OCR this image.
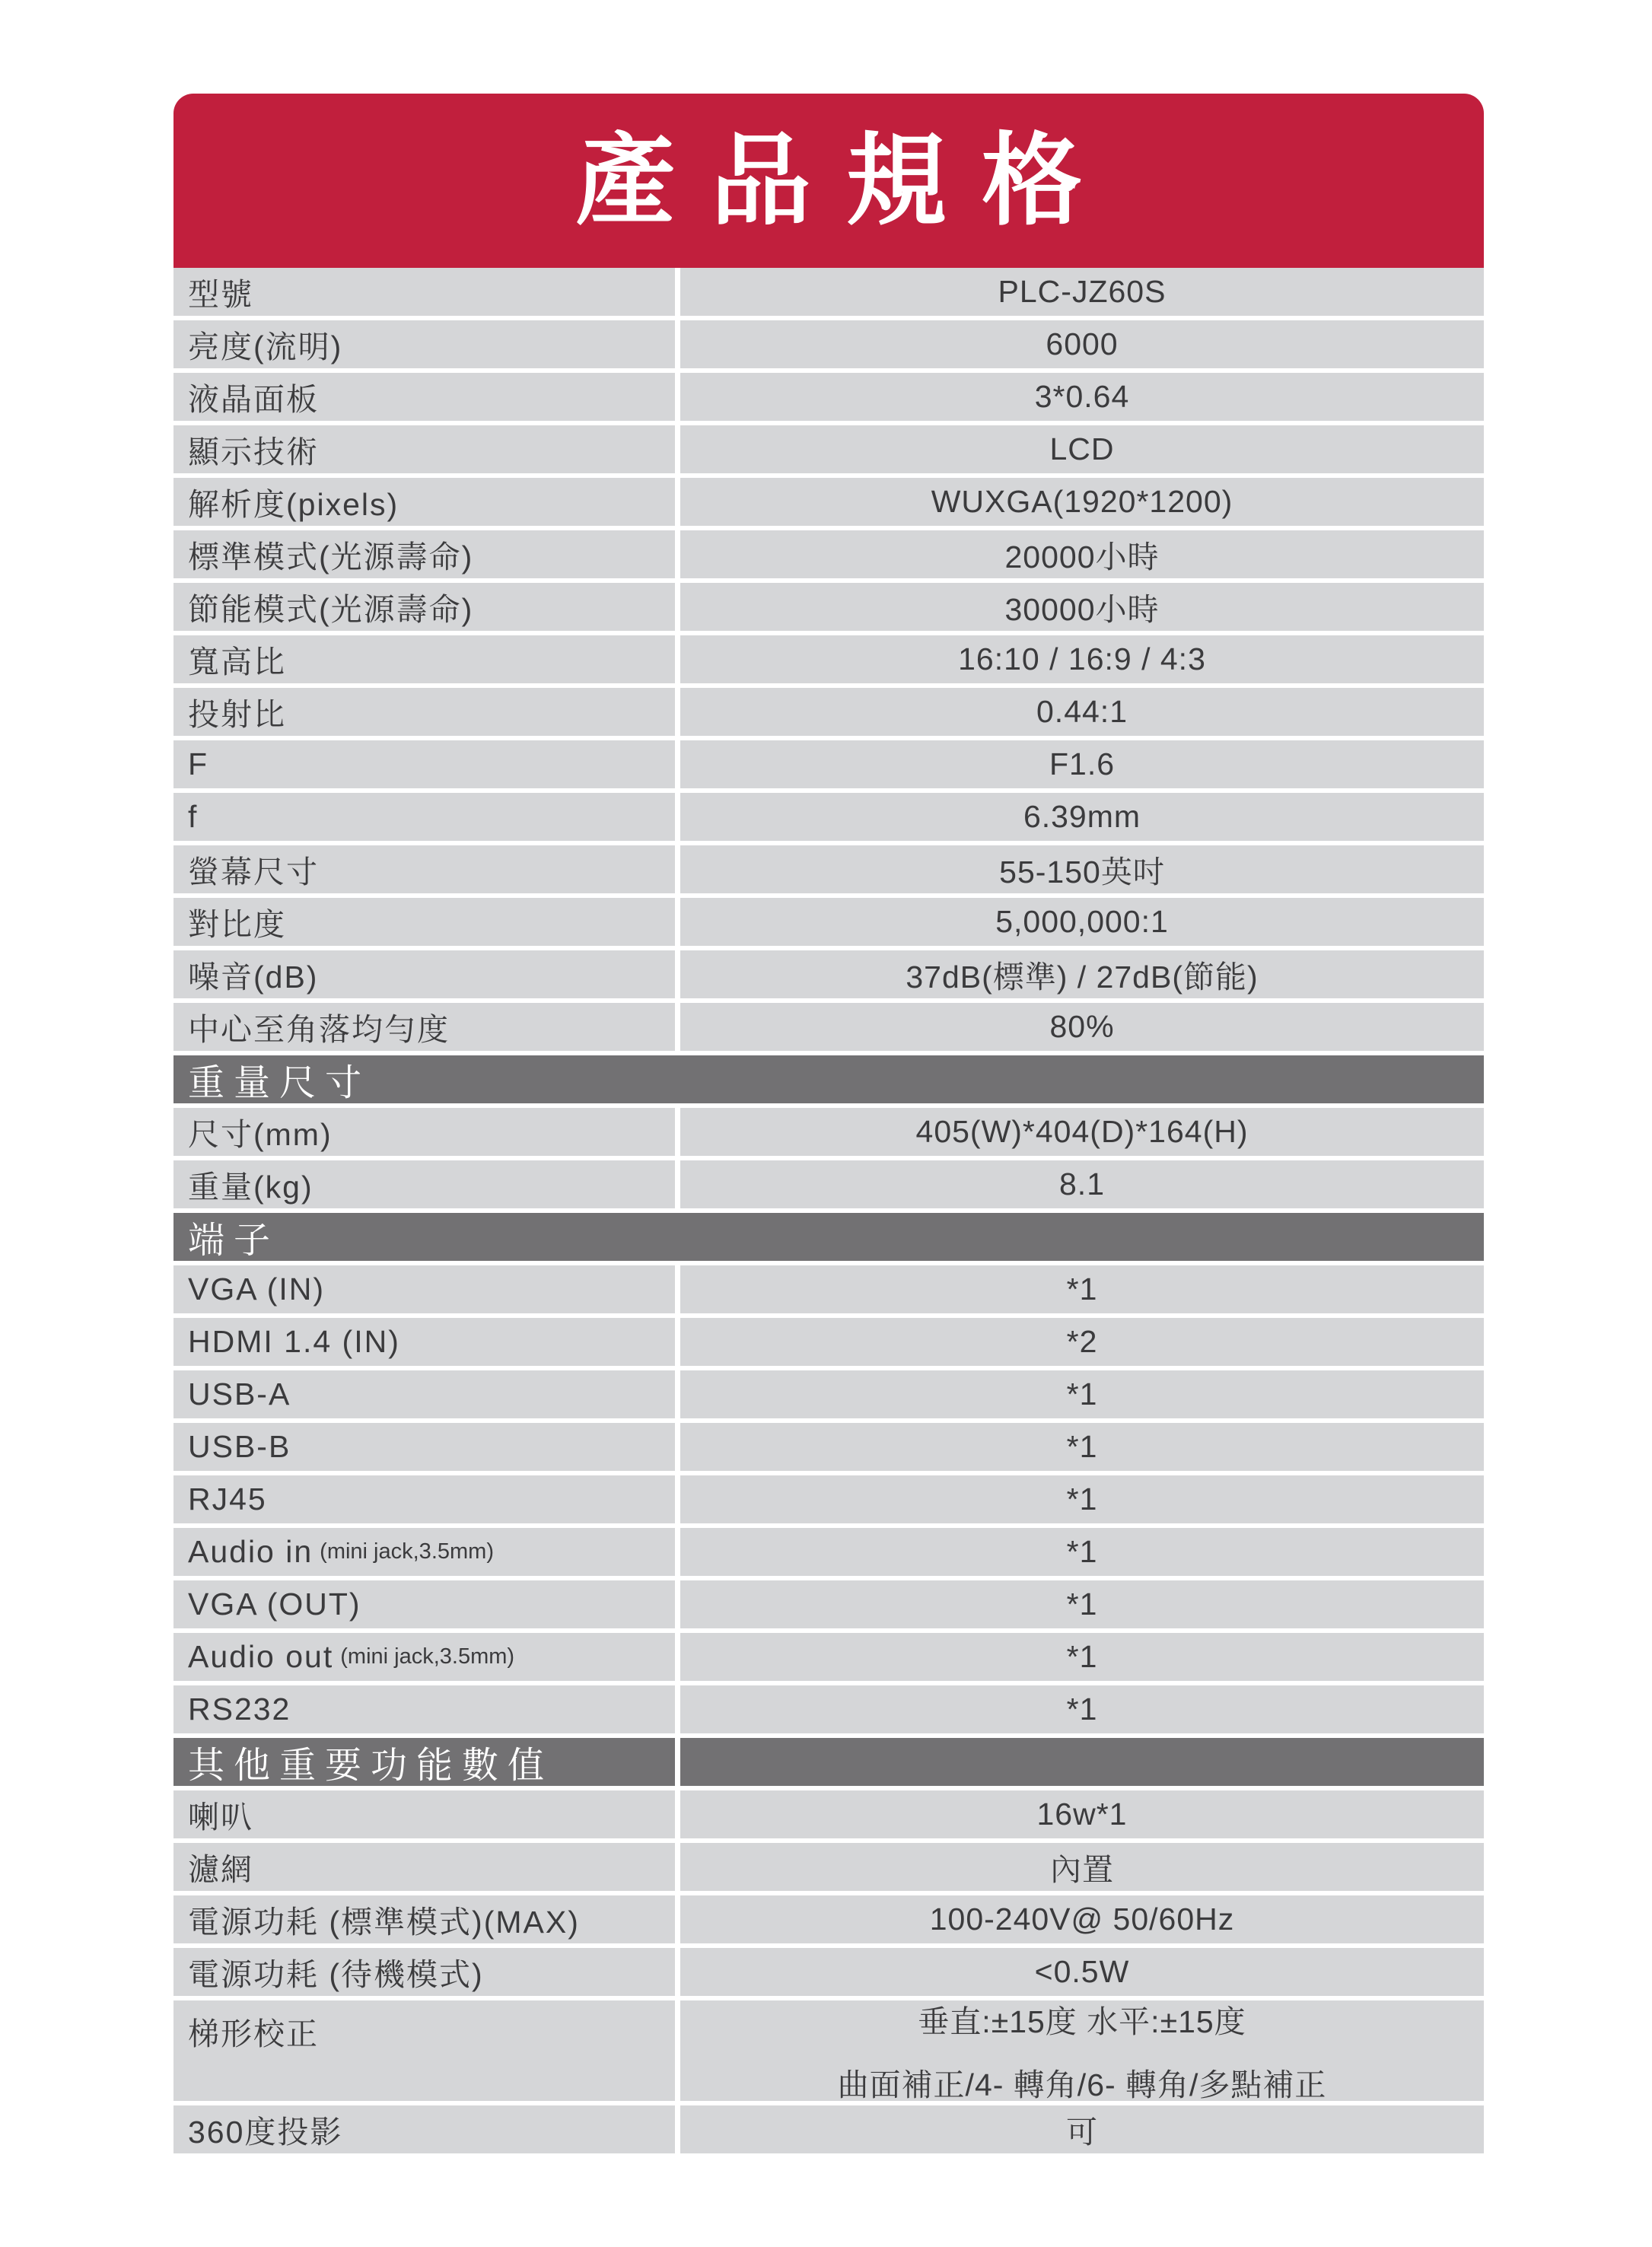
產品規格
型號	PLC-JZ60S
亮度(流明)	6000
液晶面板	3*0.64
顯示技術	LCD
解析度(pixels)	WUXGA(1920*1200)
標準模式(光源壽命)	20000小時
節能模式(光源壽命)	30000小時
寬高比	16:10 / 16:9 / 4:3
投射比	0.44:1
F	F1.6
f	6.39mm
螢幕尺寸	55-150英吋
對比度	5,000,000:1
噪音(dB)	37dB(標準) / 27dB(節能)
中心至角落均勻度	80%
重量尺寸
尺寸(mm)	405(W)*404(D)*164(H)
重量(kg)	8.1
端子
VGA (IN)	*1
HDMI 1.4 (IN)	*2
USB-A	*1
USB-B	*1
RJ45	*1
Audio in (mini jack,3.5mm)	*1
VGA (OUT)	*1
Audio out (mini jack,3.5mm)	*1
RS232	*1
其他重要功能數值
喇叭	16w*1
濾網	內置
電源功耗 (標準模式)(MAX)	100-240V@ 50/60Hz
電源功耗 (待機模式)	<0.5W
梯形校正	垂直:±15度 水平:±15度
曲面補正/4- 轉角/6- 轉角/多點補正
360度投影	可
